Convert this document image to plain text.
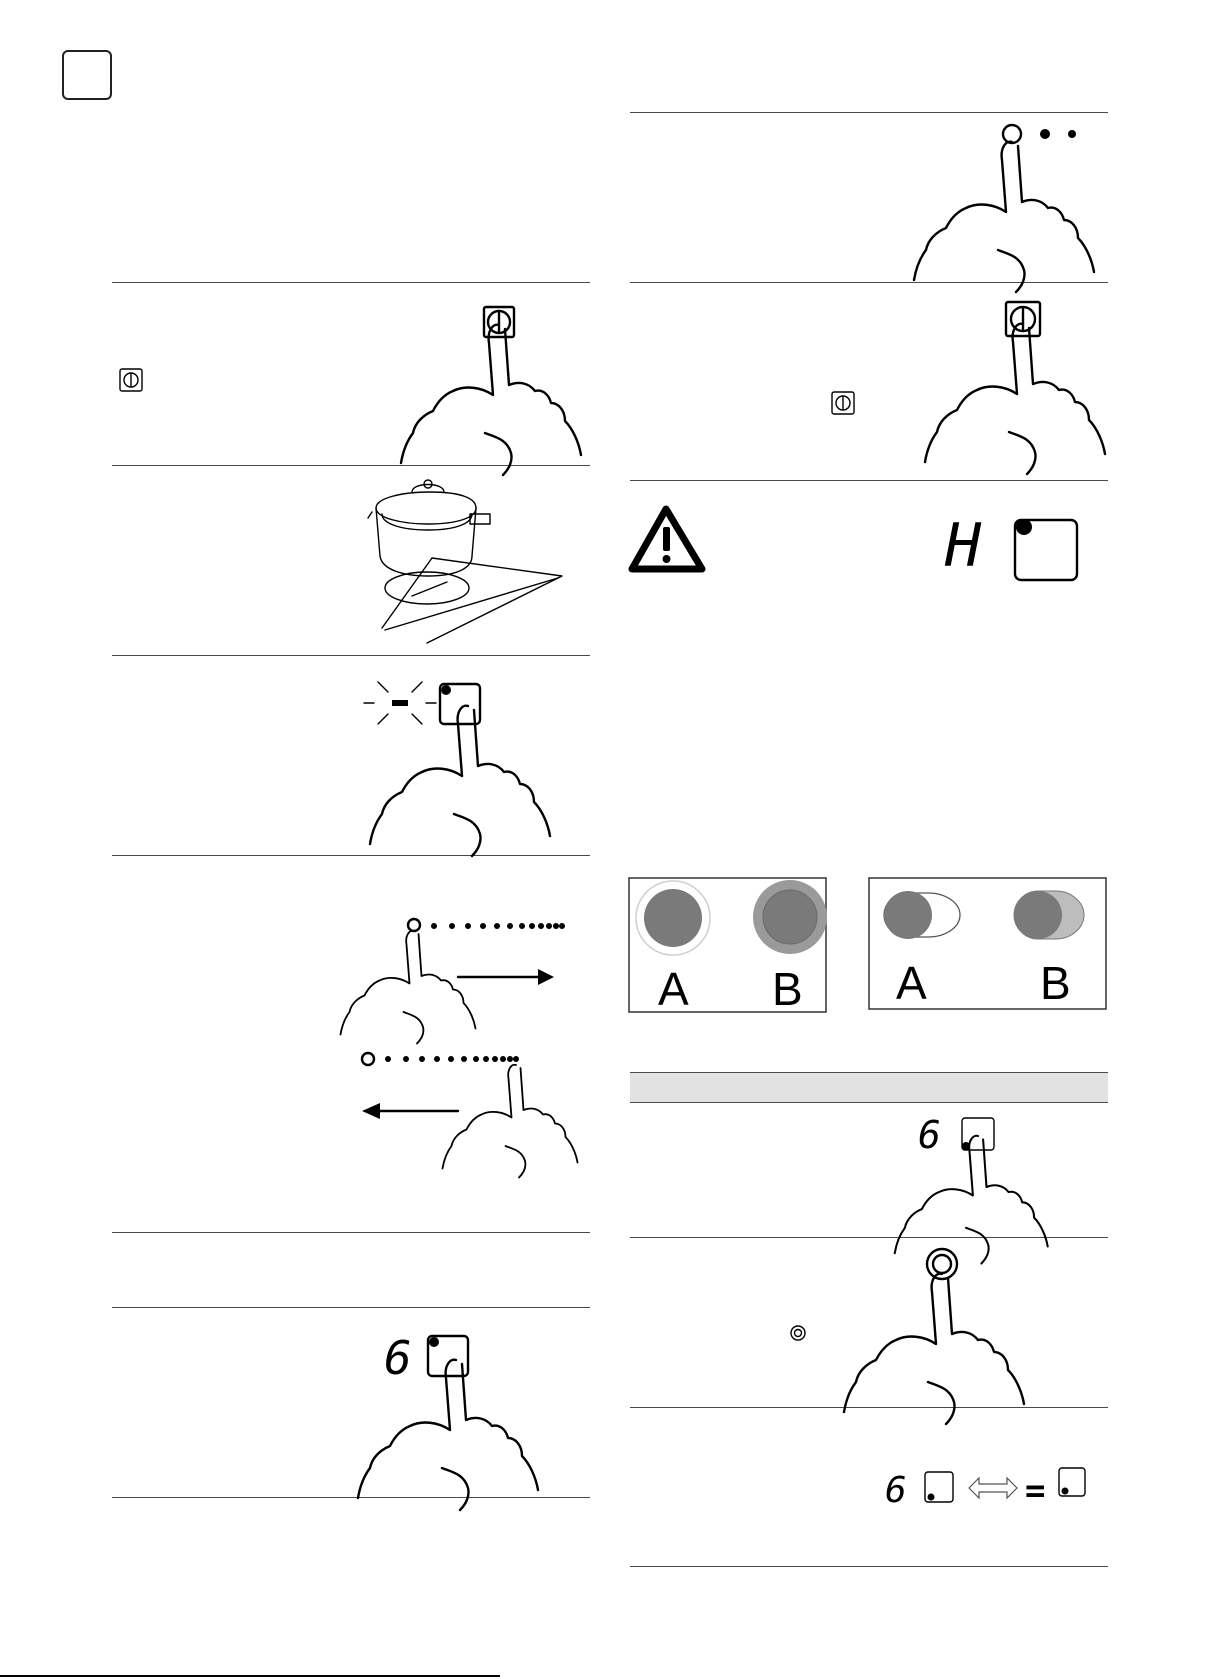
6
H
A B A B
6
6	=
